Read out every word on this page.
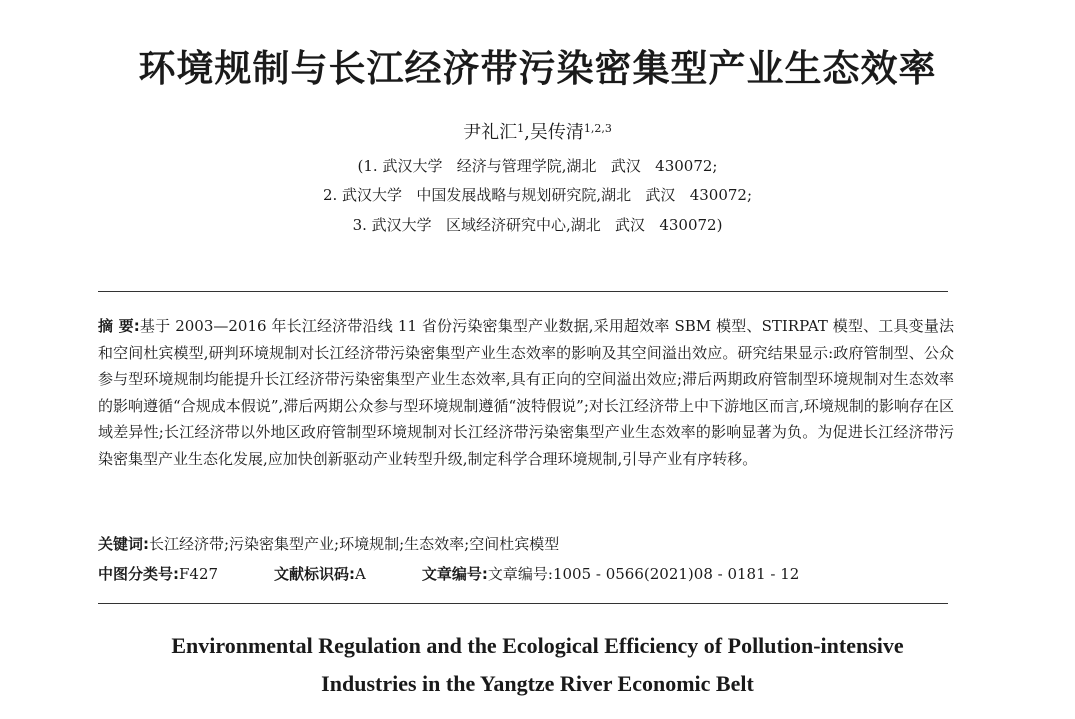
环境规制与长江经济带污染密集型产业生态效率
尹礼汇$^1$,吴传清$^{1,2,3}$
(1. 武汉大学   经济与管理学院,湖北   武汉   430072;
2. 武汉大学   中国发展战略与规划研究院,湖北   武汉   430072;
3. 武汉大学   区域经济研究中心,湖北   武汉   430072)
摘 要:基于 2003—2016 年长江经济带沿线 11 省份污染密集型产业数据,采用超效率 SBM 模型、STIRPAT 模型、工具变量法和空间杜宾模型,研判环境规制对长江经济带污染密集型产业生态效率的影响及其空间溢出效应。研究结果显示:政府管制型、公众参与型环境规制均能提升长江经济带污染密集型产业生态效率,具有正向的空间溢出效应;滞后两期政府管制型环境规制对生态效率的影响遵循“合规成本假说”,滞后两期公众参与型环境规制遵循“波特假说”;对长江经济带上中下游地区而言,环境规制的影响存在区域差异性;长江经济带以外地区政府管制型环境规制对长江经济带污染密集型产业生态效率的影响显著为负。为促进长江经济带污染密集型产业生态化发展,应加快创新驱动产业转型升级,制定科学合理环境规制,引导产业有序转移。
关键词:长江经济带;污染密集型产业;环境规制;生态效率;空间杜宾模型
中图分类号:F427	文献标识码:A	文章编号:文章编号:1005 - 0566(2021)08 - 0181 - 12
Environmental Regulation and the Ecological Efficiency of Pollution-intensive
Industries in the Yangtze River Economic Belt
